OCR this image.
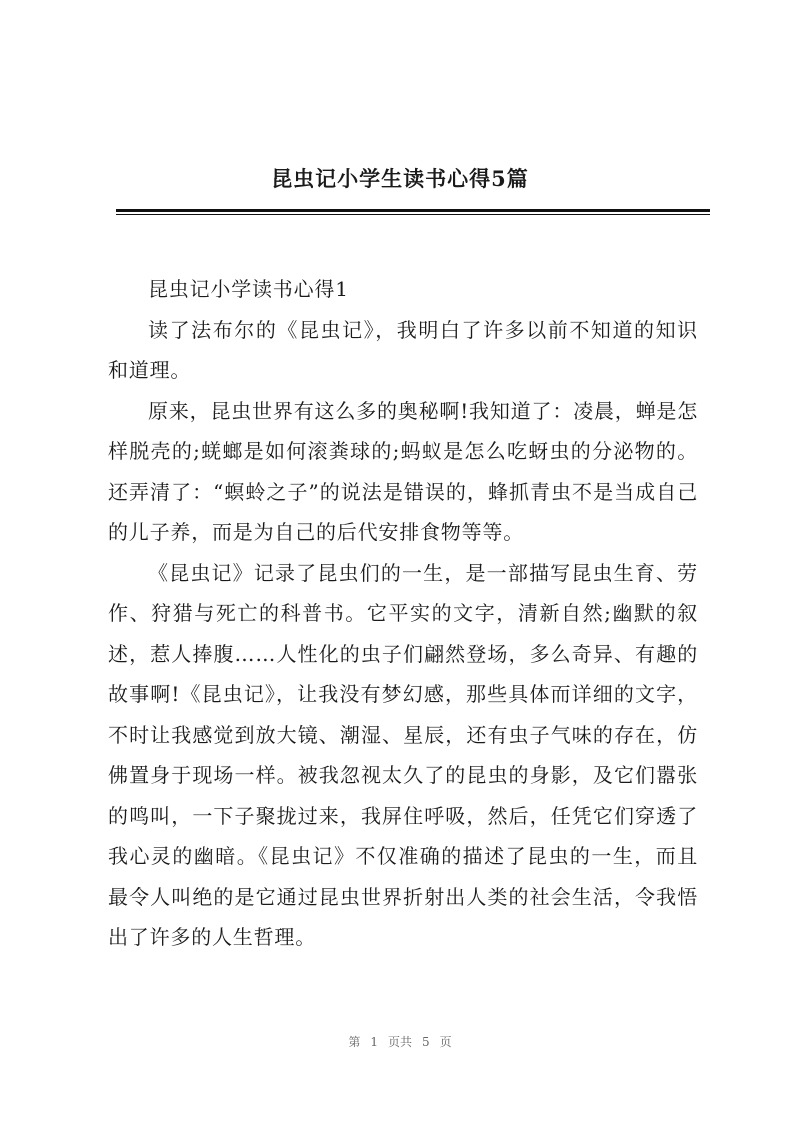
昆虫记小学生读书心得5篇

昆虫记小学读书心得1

读了法布尔的《昆虫记》，我明白了许多以前不知道的知识和道理。

原来，昆虫世界有这么多的奥秘啊!我知道了：凌晨，蝉是怎样脱壳的;蜣螂是如何滚粪球的;蚂蚁是怎么吃蚜虫的分泌物的。还弄清了：“螟蛉之子”的说法是错误的，蜂抓青虫不是当成自己的儿子养，而是为自己的后代安排食物等等。

《昆虫记》记录了昆虫们的一生，是一部描写昆虫生育、劳作、狩猎与死亡的科普书。它平实的文字，清新自然;幽默的叙述，惹人捧腹……人性化的虫子们翩然登场，多么奇异、有趣的故事啊!《昆虫记》，让我没有梦幻感，那些具体而详细的文字，不时让我感觉到放大镜、潮湿、星辰，还有虫子气味的存在，仿佛置身于现场一样。被我忽视太久了的昆虫的身影，及它们嚣张的鸣叫，一下子聚拢过来，我屏住呼吸，然后，任凭它们穿透了我心灵的幽暗。《昆虫记》不仅准确的描述了昆虫的一生，而且最令人叫绝的是它通过昆虫世界折射出人类的社会生活，令我悟出了许多的人生哲理。

第 1 页共 5 页
